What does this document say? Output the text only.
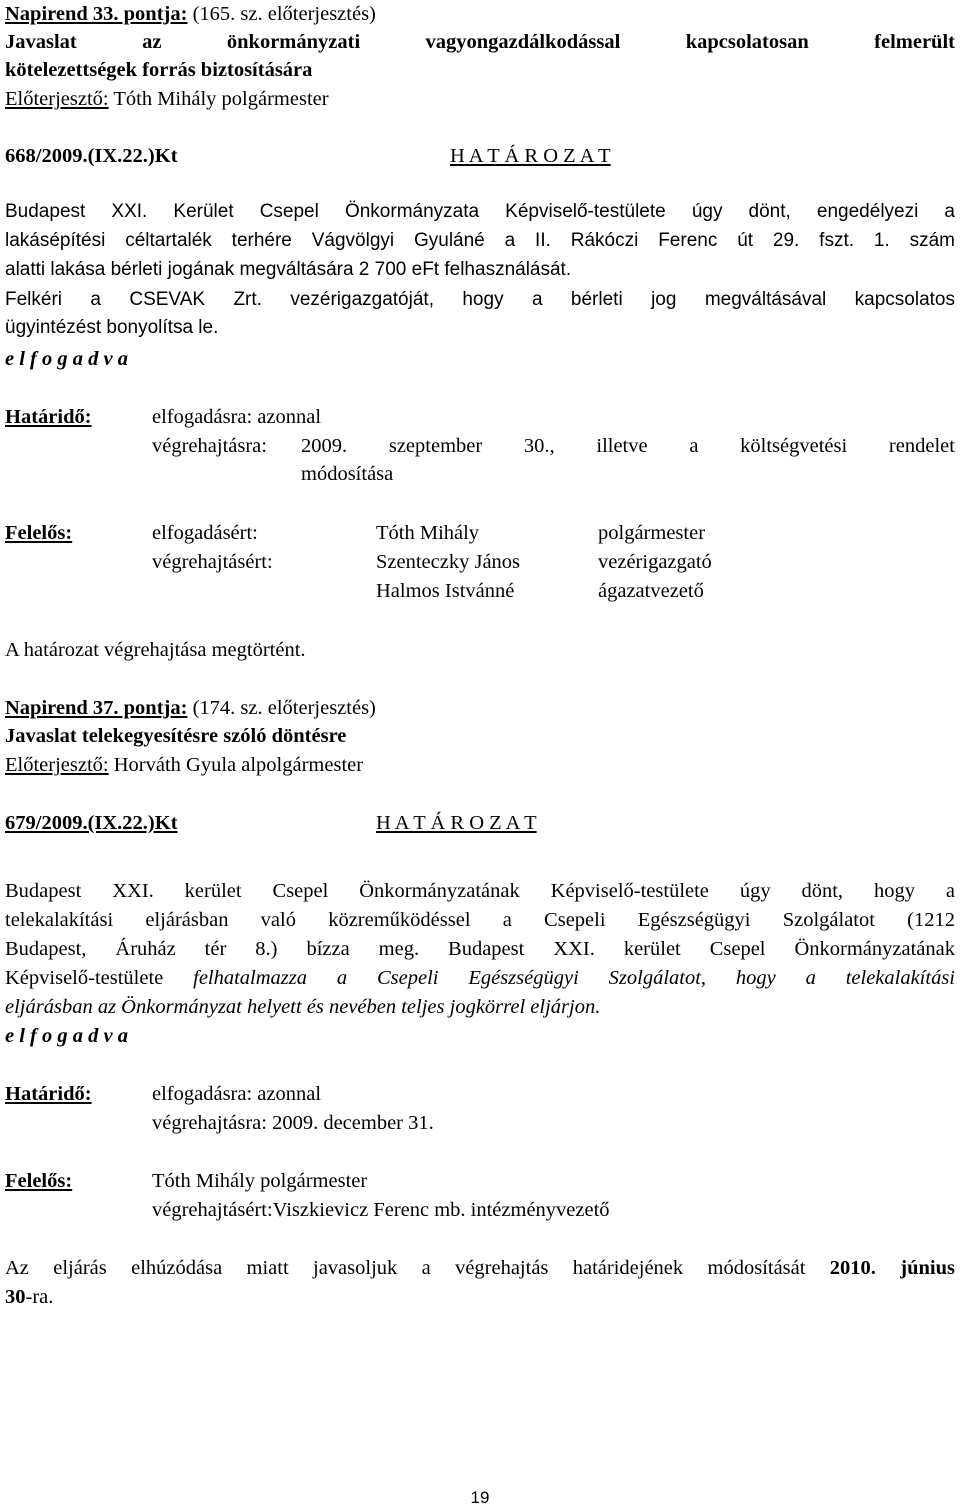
Napirend 33. pontja: (165. sz. előterjesztés)
Javaslat	az	önkormányzati	vagyongazdálkodással	kapcsolatosan	felmerült
kötelezettségek forrás biztosítására
Előterjesztő: Tóth Mihály polgármester
668/2009.(IX.22.)Kt	H A T Á R O Z A T
Budapest XXI. Kerület Csepel Önkormányzata Képviselő-testülete úgy dönt, engedélyezi a
lakásépítési céltartalék terhére Vágvölgyi Gyuláné a II. Rákóczi Ferenc út 29. fszt. 1. szám
alatti lakása bérleti jogának megváltására 2 700 eFt felhasználását.
Felkéri a CSEVAK Zrt. vezérigazgatóját, hogy a bérleti jog megváltásával kapcsolatos
ügyintézést bonyolítsa le.
e l f o g a d v a
Határidő:	elfogadásra: azonnal
végrehajtásra: 2009. szeptember 30., illetve a költségvetési rendelet
módosítása
Felelős:	elfogadásért:	Tóth Mihály	polgármester
végrehajtásért:	Szenteczky János	vezérigazgató
Halmos Istvánné	ágazatvezető
A határozat végrehajtása megtörtént.
Napirend 37. pontja: (174. sz. előterjesztés)
Javaslat telekegyesítésre szóló döntésre
Előterjesztő: Horváth Gyula alpolgármester
679/2009.(IX.22.)Kt	H A T Á R O Z A T
Budapest XXI. kerület Csepel Önkormányzatának Képviselő-testülete úgy dönt, hogy a
telekalakítási eljárásban való közreműködéssel a Csepeli Egészségügyi Szolgálatot (1212
Budapest, Áruház tér 8.) bízza meg. Budapest XXI. kerület Csepel Önkormányzatának
Képviselő-testülete felhatalmazza a Csepeli Egészségügyi Szolgálatot, hogy a telekalakítási
eljárásban az Önkormányzat helyett és nevében teljes jogkörrel eljárjon.
e l f o g a d v a
Határidő:	elfogadásra: azonnal
végrehajtásra: 2009. december 31.
Felelős:	Tóth Mihály polgármester
végrehajtásért:Viszkievicz Ferenc mb. intézményvezető
Az eljárás elhúzódása miatt javasoljuk a végrehajtás határidejének módosítását 2010. június
30-ra.
19
